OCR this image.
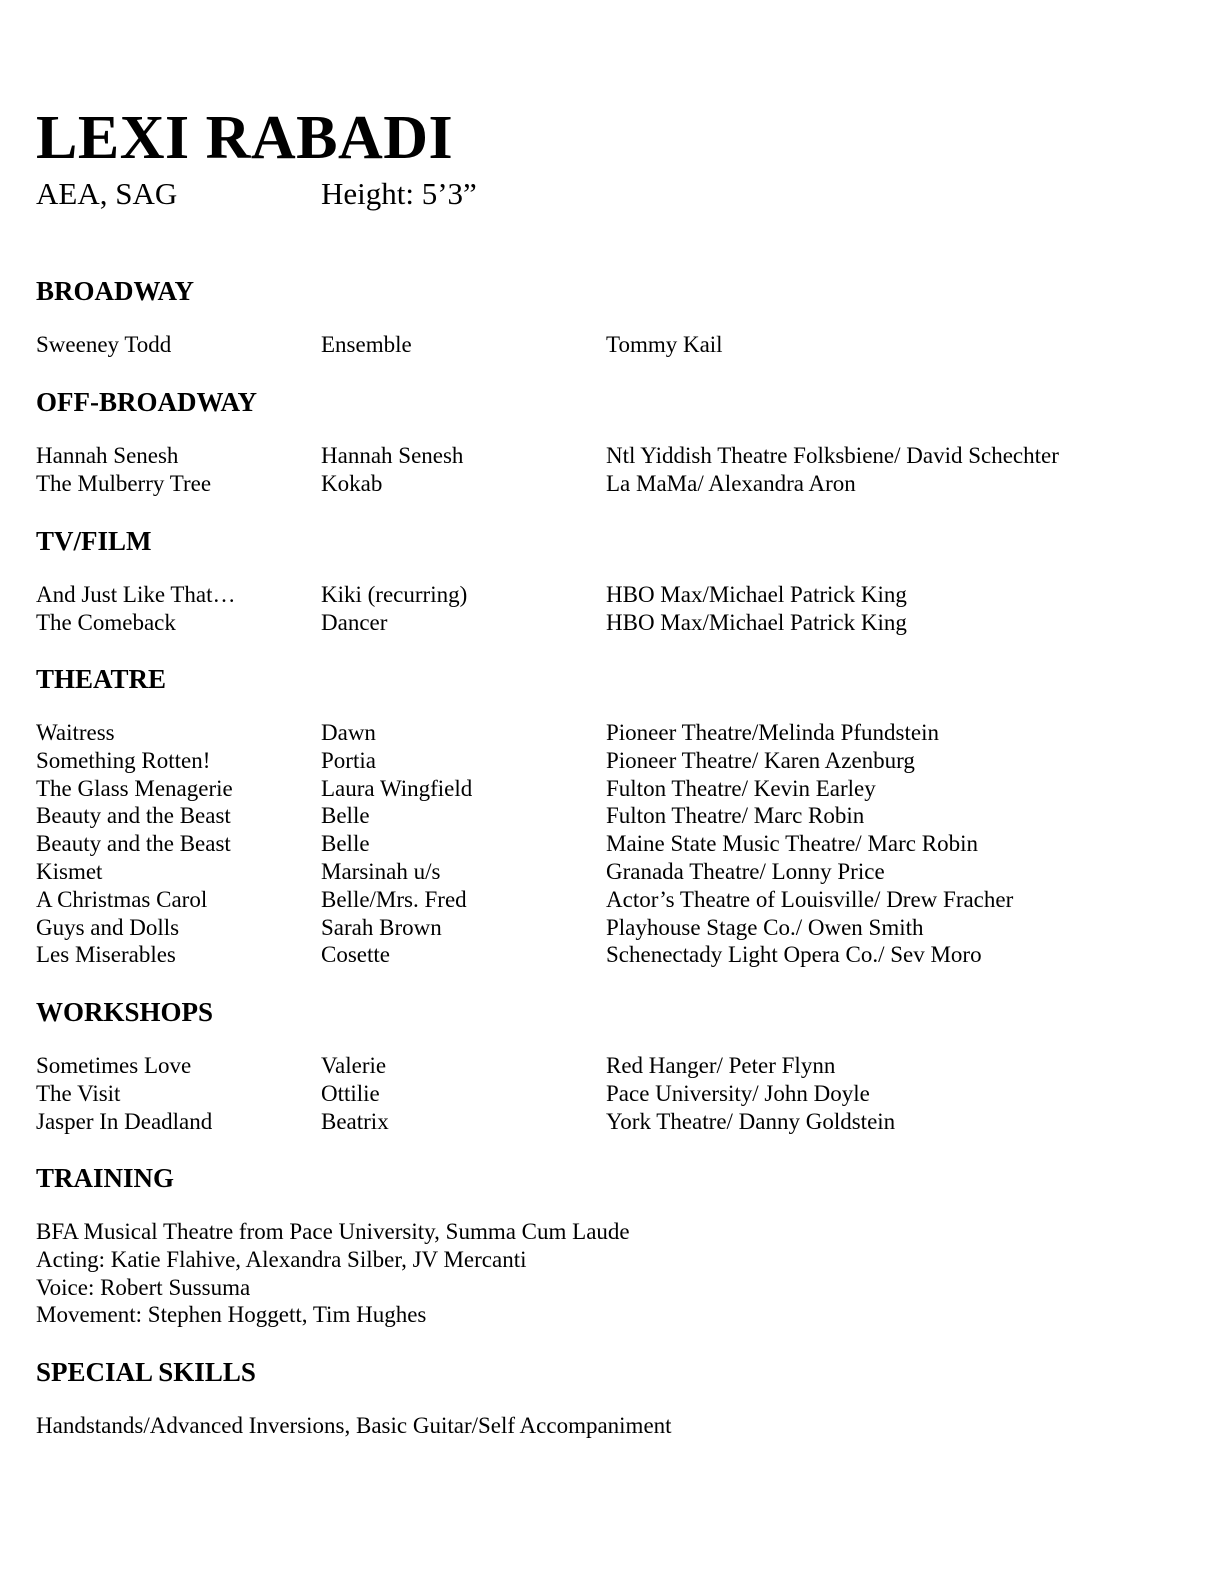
LEXI RABADI
AEA, SAG	Height: 5’3”
BROADWAY
Sweeney Todd	Ensemble	Tommy Kail
OFF-BROADWAY
Hannah Senesh	Hannah Senesh	Ntl Yiddish Theatre Folksbiene/ David Schechter
The Mulberry Tree	Kokab	La MaMa/ Alexandra Aron
TV/FILM
And Just Like That…	Kiki (recurring)	HBO Max/Michael Patrick King
The Comeback	Dancer	HBO Max/Michael Patrick King
THEATRE
Waitress	Dawn	Pioneer Theatre/Melinda Pfundstein
Something Rotten!	Portia	Pioneer Theatre/ Karen Azenburg
The Glass Menagerie	Laura Wingfield	Fulton Theatre/ Kevin Earley
Beauty and the Beast	Belle	Fulton Theatre/ Marc Robin
Beauty and the Beast	Belle	Maine State Music Theatre/ Marc Robin
Kismet	Marsinah u/s	Granada Theatre/ Lonny Price
A Christmas Carol	Belle/Mrs. Fred	Actor’s Theatre of Louisville/ Drew Fracher
Guys and Dolls	Sarah Brown	Playhouse Stage Co./ Owen Smith
Les Miserables	Cosette	Schenectady Light Opera Co./ Sev Moro
WORKSHOPS
Sometimes Love	Valerie	Red Hanger/ Peter Flynn
The Visit	Ottilie	Pace University/ John Doyle
Jasper In Deadland	Beatrix	York Theatre/ Danny Goldstein
TRAINING
BFA Musical Theatre from Pace University, Summa Cum Laude
Acting: Katie Flahive, Alexandra Silber, JV Mercanti
Voice: Robert Sussuma
Movement: Stephen Hoggett, Tim Hughes
SPECIAL SKILLS
Handstands/Advanced Inversions, Basic Guitar/Self Accompaniment
